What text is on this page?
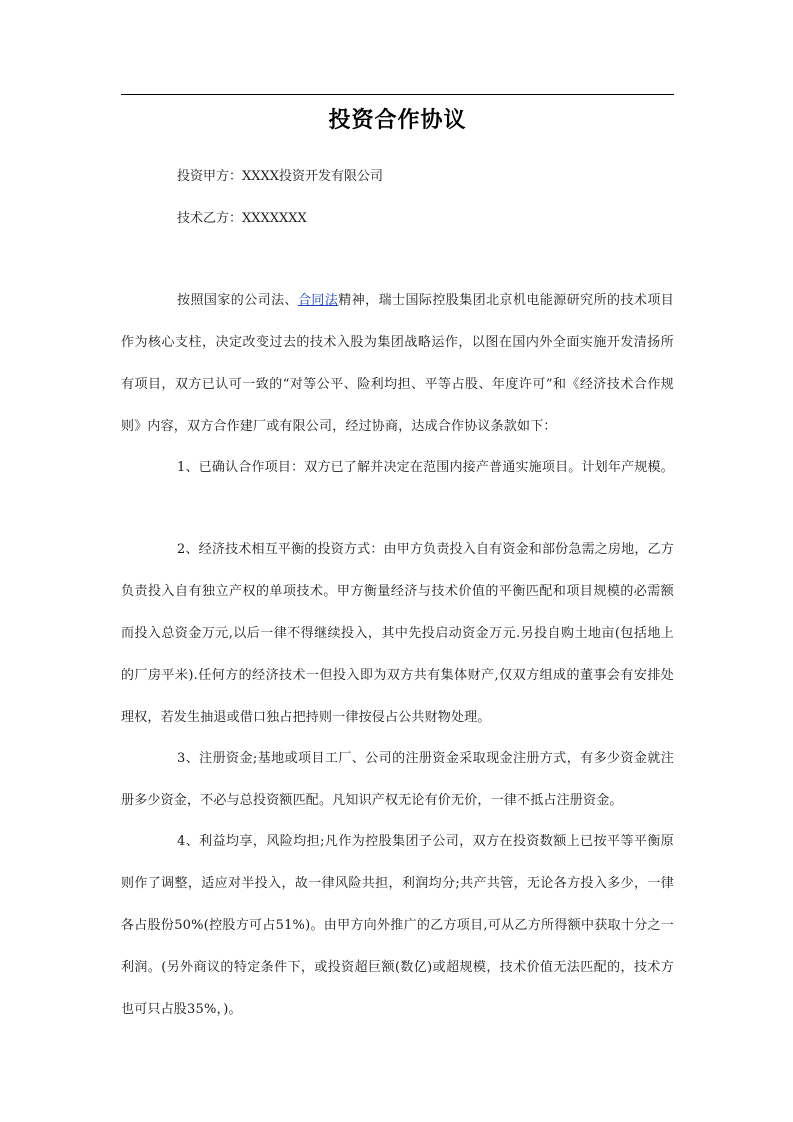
投资合作协议

投资甲方：XXXX投资开发有限公司

技术乙方：XXXXXXX

按照国家的公司法、合同法精神，瑞士国际控股集团北京机电能源研究所的技术项目作为核心支柱，决定改变过去的技术入股为集团战略运作，以图在国内外全面实施开发清扬所有项目，双方已认可一致的“对等公平、险利均担、平等占股、年度许可”和《经济技术合作规则》内容，双方合作建厂或有限公司，经过协商，达成合作协议条款如下：

1、已确认合作项目：双方已了解并决定在范围内接产普通实施项目。计划年产规模。

2、经济技术相互平衡的投资方式：由甲方负责投入自有资金和部份急需之房地，乙方负责投入自有独立产权的单项技术。甲方衡量经济与技术价值的平衡匹配和项目规模的必需额而投入总资金万元,以后一律不得继续投入，其中先投启动资金万元.另投自购土地亩(包括地上的厂房平米).任何方的经济技术一但投入即为双方共有集体财产,仅双方组成的董事会有安排处理权，若发生抽退或借口独占把持则一律按侵占公共财物处理。

3、注册资金;基地或项目工厂、公司的注册资金采取现金注册方式，有多少资金就注册多少资金，不必与总投资额匹配。凡知识产权无论有价无价，一律不抵占注册资金。

4、利益均享，风险均担;凡作为控股集团子公司，双方在投资数额上已按平等平衡原则作了调整，适应对半投入，故一律风险共担，利润均分;共产共管，无论各方投入多少，一律各占股份50%(控股方可占51%)。由甲方向外推广的乙方项目,可从乙方所得额中获取十分之一利润。(另外商议的特定条件下，或投资超巨额(数亿)或超规模，技术价值无法匹配的，技术方也可只占股35%，)。
